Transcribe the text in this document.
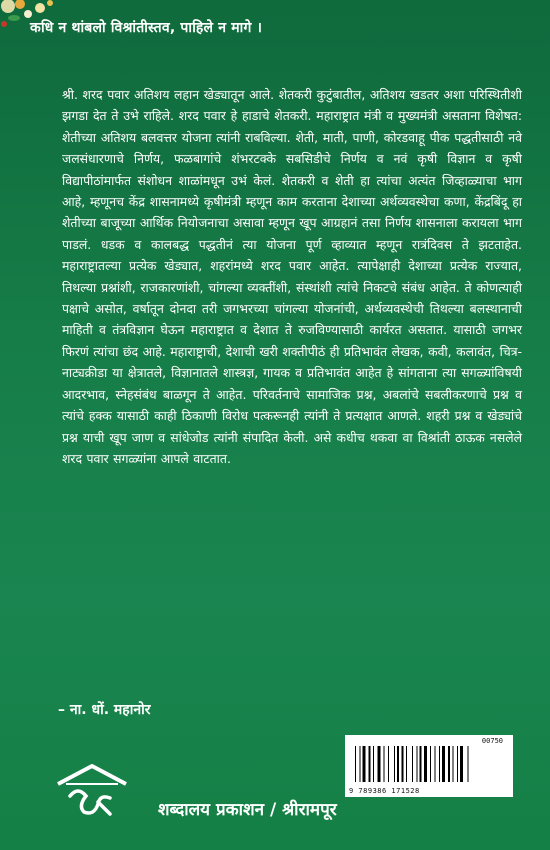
कधि न थांबलो विश्रांतीस्तव, पाहिले न मागे ।
श्री. शरद पवार अतिशय लहान खेड्यातून आले. शेतकरी कुटुंबातील, अतिशय खडतर अशा परिस्थितीशी झगडा देत ते उभे राहिले. शरद पवार हे हाडाचे शेतकरी. महाराष्ट्रात मंत्री व मुख्यमंत्री असताना विशेषत: शेतीच्या अतिशय बलवत्तर योजना त्यांनी राबविल्या. शेती, माती, पाणी, कोरडवाहू पीक पद्धतीसाठी नवे जलसंधारणाचे निर्णय, फळबागांचे शंभरटक्के सबसिडीचे निर्णय व नवं कृषी विज्ञान व कृषी विद्यापीठांमार्फत संशोधन शाळांमधून उभं केलं. शेतकरी व शेती हा त्यांचा अत्यंत जिव्हाळ्याचा भाग आहे, म्हणूनच केंद्र शासनामध्ये कृषीमंत्री म्हणून काम करताना देशाच्या अर्थव्यवस्थेचा कणा, केंद्रबिंदू हा शेतीच्या बाजूच्या आर्थिक नियोजनाचा असावा म्हणून खूप आग्रहानं तसा निर्णय शासनाला करायला भाग पाडलं. धडक व कालबद्ध पद्धतीनं त्या योजना पूर्ण व्हाव्यात म्हणून रात्रंदिवस ते झटताहेत. महाराष्ट्रातल्या प्रत्येक खेड्यात, शहरांमध्ये शरद पवार आहेत. त्यापेक्षाही देशाच्या प्रत्येक राज्यात, तिथल्या प्रश्नांशी, राजकारणांशी, चांगल्या व्यक्तींशी, संस्थांशी त्यांचे निकटचे संबंध आहेत. ते कोणत्याही पक्षाचे असोत, वर्षातून दोनदा तरी जगभरच्या चांगल्या योजनांची, अर्थव्यवस्थेची तिथल्या बलस्थानाची माहिती व तंत्रविज्ञान घेऊन महाराष्ट्रात व देशात ते रुजविण्यासाठी कार्यरत असतात. यासाठी जगभर फिरणं त्यांचा छंद आहे. महाराष्ट्राची, देशाची खरी शक्तीपीठं ही प्रतिभावंत लेखक, कवी, कलावंत, चित्र-नाट्यक्रीडा या क्षेत्रातले, विज्ञानातले शास्त्रज्ञ, गायक व प्रतिभावंत आहेत हे सांगताना त्या सगळ्यांविषयी आदरभाव, स्नेहसंबंध बाळगून ते आहेत. परिवर्तनाचे सामाजिक प्रश्न, अबलांचे सबलीकरणाचे प्रश्न व त्यांचे हक्क यासाठी काही ठिकाणी विरोध पत्करूनही त्यांनी ते प्रत्यक्षात आणले. शहरी प्रश्न व खेड्यांचे प्रश्न याची खूप जाण व सांधेजोड त्यांनी संपादित केली. असे कधीच थकवा वा विश्रांती ठाऊक नसलेले शरद पवार सगळ्यांना आपले वाटतात.
– ना. धों. महानोर
00750
9 789386 171528
शब्दालय प्रकाशन / श्रीरामपूर
